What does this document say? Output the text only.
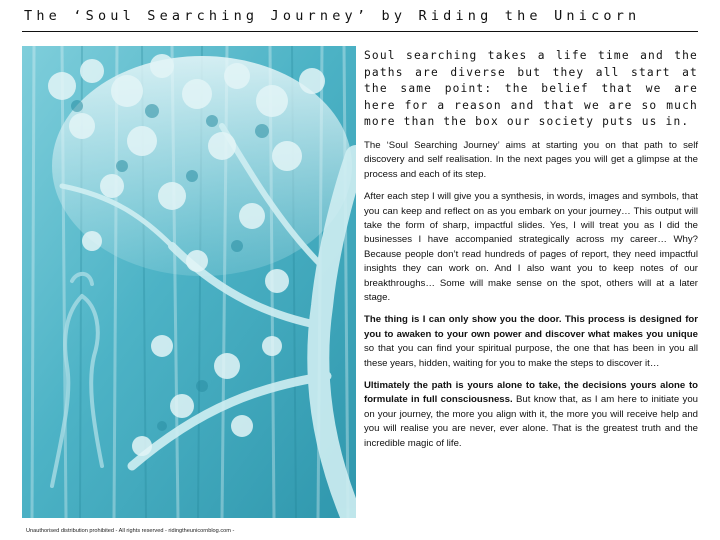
The ‘Soul Searching Journey’ by Riding the Unicorn

Soul searching takes a life time and the paths are diverse but they all start at the same point: the belief that we are here for a reason and that we are so much more than the box our society puts us in.

The ‘Soul Searching Journey’ aims at starting you on that path to self discovery and self realisation. In the next pages you will get a glimpse at the process and each of its step.

After each step I will give you a synthesis, in words, images and symbols, that you can keep and reflect on as you embark on your journey… This output will take the form of sharp, impactful slides. Yes, I will treat you as I did the businesses I have accompanied strategically across my career… Why? Because people don’t read hundreds of pages of report, they need impactful insights they can work on. And I also want you to keep notes of our breakthroughs… Some will make sense on the spot, others will at a later stage.

The thing is I can only show you the door. This process is designed for you to awaken to your own power and discover what makes you unique so that you can find your spiritual purpose, the one that has been in you all these years, hidden, waiting for you to make the steps to discover it…

Ultimately the path is yours alone to take, the decisions yours alone to formulate in full consciousness. But know that, as I am here to initiate you on your journey, the more you align with it, the more you will receive help and you will realise you are never, ever alone. That is the greatest truth and the incredible magic of life.

Unauthorised distribution prohibited - All rights reserved - ridingtheunicornblog.com -
